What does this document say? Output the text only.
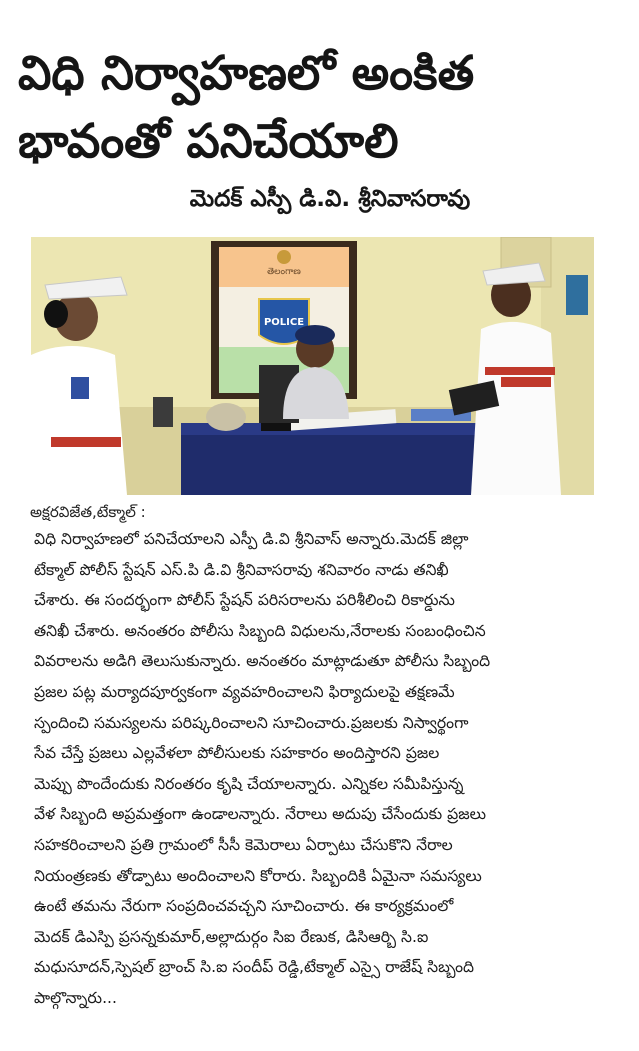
విధి నిర్వాహణలో అంకిత
భావంతో పనిచేయాలి
మెదక్ ఎస్పీ డి.వి. శ్రీనివాసరావు
తెలంగాణ
POLICE
అక్షరవిజేత,టేక్మాల్ :
విధి నిర్వాహణలో పనిచేయాలని ఎస్పీ డి.వి శ్రీనివాస్ అన్నారు.మెదక్ జిల్లా
టేక్మాల్ పోలీస్ స్టేషన్ ఎస్.పి డి.వి శ్రీనివాసరావు శనివారం నాడు తనిఖీ
చేశారు. ఈ సందర్భంగా పోలీస్ స్టేషన్ పరిసరాలను పరిశీలించి రికార్డును
తనిఖీ చేశారు. అనంతరం పోలీసు సిబ్బంది విధులను,నేరాలకు సంబంధించిన
వివరాలను అడిగి తెలుసుకున్నారు. అనంతరం మాట్లాడుతూ పోలీసు సిబ్బంది
ప్రజల పట్ల మర్యాదపూర్వకంగా వ్యవహరించాలని ఫిర్యాదులపై తక్షణమే
స్పందించి సమస్యలను పరిష్కరించాలని సూచించారు.ప్రజలకు నిస్వార్థంగా
సేవ చేస్తే ప్రజలు ఎల్లవేళలా పోలీసులకు సహకారం అందిస్తారని ప్రజల
మెప్పు పొందేందుకు నిరంతరం కృషి చేయాలన్నారు. ఎన్నికల సమీపిస్తున్న
వేళ సిబ్బంది అప్రమత్తంగా ఉండాలన్నారు. నేరాలు అదుపు చేసేందుకు ప్రజలు
సహకరించాలని ప్రతి గ్రామంలో సీసీ కెమెరాలు ఏర్పాటు చేసుకొని నేరాల
నియంత్రణకు తోడ్పాటు అందించాలని కోరారు. సిబ్బందికి ఏమైనా సమస్యలు
ఉంటే తమను నేరుగా సంప్రదించవచ్చని సూచించారు. ఈ కార్యక్రమంలో
మెదక్ డిఎస్పి ప్రసన్నకుమార్,అల్లాదుర్గం సిఐ రేణుక, డిసిఆర్బి సి.ఐ
మధుసూదన్,స్పెషల్ బ్రాంచ్ సి.ఐ సందీప్ రెడ్డి,టేక్మాల్ ఎస్సై రాజేష్ సిబ్బంది
పాల్గొన్నారు...
